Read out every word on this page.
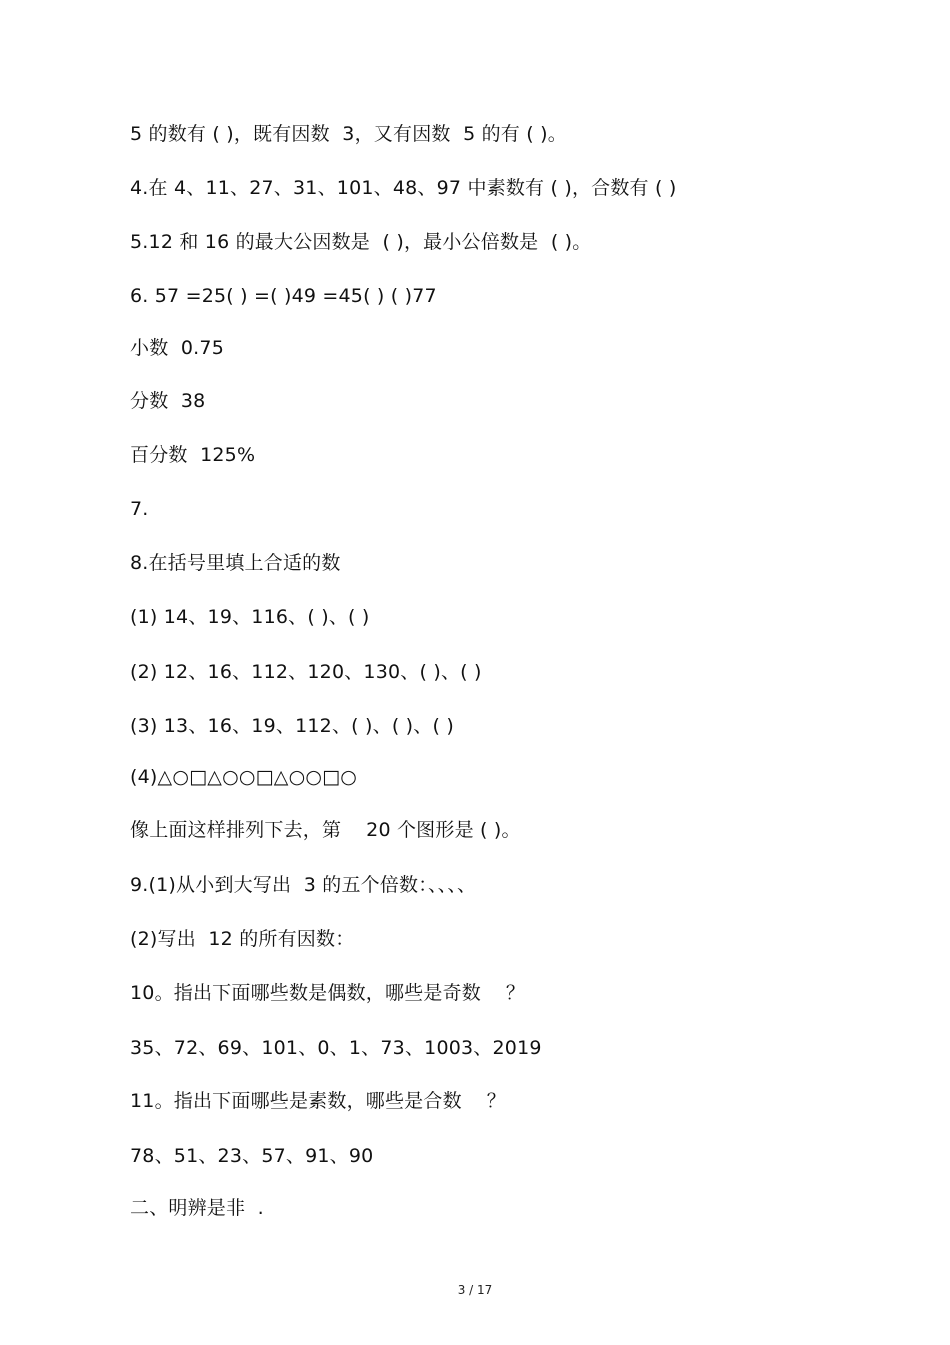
5 的数有 ( )，既有因数  3，又有因数  5 的有 ( )。
4.在 4、11、27、31、101、48、97 中素数有 ( )，合数有 ( )
5.12 和 16 的最大公因数是  ( )，最小公倍数是  ( )。
6. 57 =25( ) =( )49 =45( ) ( )77
小数  0.75
分数  38
百分数  125%
7.
8.在括号里填上合适的数
(1) 14、19、116、( )、( )
(2) 12、16、112、120、130、( )、( )
(3) 13、16、19、112、( )、( )、( )
(4)△○□△○○□△○○□○
像上面这样排列下去，第    20 个图形是 ( )。
9.(1)从小到大写出  3 的五个倍数：、、、、
(2)写出  12 的所有因数：
10。指出下面哪些数是偶数，哪些是奇数    ？
35、72、69、101、0、1、73、1003、2019
11。指出下面哪些是素数，哪些是合数    ？
78、51、23、57、91、90
二、明辨是非  .
3 / 17
